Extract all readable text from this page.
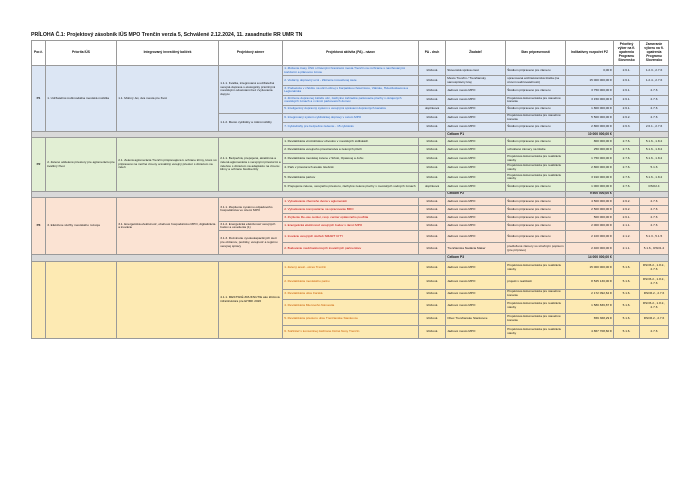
PRÍLOHA Č.1: Projektový zásobník IÚS MPO Trenčín verzia 5, Schválené 2.12.2024, 11. zasadnutie RR UMR TN
Por.č.	Priorita IÚS	Integrovaný investičný balíček	Projektový zámer	Projektová aktivita (PA) - názov	PA - druh	Žiadateľ	Stav pripravenosti	Indikatívny rozpočet PZ	Prioritný výber na fi. opatrenia Programu Slovensko	Zameranie výberu na fi. opatrenia Programu Slovensko
P1	1. Udržateľná multimodálna mestská mobilita	1.1. Mobný Jet, dva mesta pre život	1.1.1. Kvalita, integrovaná a udržateľná verejná doprava s ekologicky prioritnými mestskými odvetviami bez zvyšovania dopytu	1. Zlúčenie trasy ÚSU s hlavnými hranicami mesta Trenčín na rozhranie s navrhovanými koridormi a plánovou zónou	kľúčová	Slovenská správa ciest	Štúdium pripravené pre zámeru	0,00 €	2.6.1.	1.2.3., 2.7.6
				2. Vodárny dopravný uzol - Zlúčenie inovatívnej siete	kľúčová	Mesto Trenčín / Trenčiansky samosprávny kraj	spracovaná architektonická štúdia (na úrovni realizovateľnosti)	15 000 000,00 €	2.6.1.	1.2.4., 2.7.6
				3. Podsekcia v chôdze na ulici Lúčnej s Karpatskou železnicou, Vlárske, Hviezdoslavova a Legionárska	kľúčová	Jadrové mesto MPO	Štúdium pripravené pre zámeru	3 750 000,00 €	2.6.1.	2.7.6
				4. Zníženie dopravnej záťaže ulíc, záchytné zahradné parkovacie plochy v okrajových mestských zónach a v rámci parkovacích domov	kľúčová	Jadrové mesto MPO	Projektová dokumentácia pre stavebné konanie	3 150 000,00 €	2.6.1.	2.7.6
				5. Inteligentný dopravný systém s verejnými správami dopravných kanálov	doplnková	Jadrové mesto MPO	Štúdium pripravené pre zámeru	1 800 000,00 €	2.6.1.	2.7.6
			1.1.2. Mesto cyklistiky a mikromobility	6. Integrovaný systém cyklistickej dopravy v celom MPO	kľúčová	Jadrové mesto MPO	Projektová dokumentácia pre stavebné konanie	5 500 000,00 €	2.6.2.	2.7.6
				7. Cyklodráhy pre bezpečné riešenie - 15 cyklotrás	kľúčová	Jadrové mesto MPO	Štúdium pripravené pre zámeru	2 800 000,00 €	2.6.3.	2.6.1., 2.7.6
						Celkom P1		10 000 000,00 €		
P2	2. Zelené oddelené priestory pre aglomeráciu pre kvalitný život	2.1. Zelená aglomerácia Trenčín prispievajúca k ochrane klímy, ktoré sú pripravené na možné zmeny a kvalitný verejný priestor s dôrazom na zeleň	2.1.1. Bezpečná, prepojená, atraktívna a zelená aglomerácia s verejnými priestormi a zeleňou s dôrazom na adaptáciu na zmenu klímy a ochranu biodiverzity	1. Revitalizácia vnútroblokov obvodov v mestských sídliskách	kľúčová	Jadrové mesto MPO	Štúdium pripravené pre zámeru	800 000,00 €	2.7.6.	5.1.6., 1.8.2
				2. Revitalizácia verejného priestranstva a zelených plôch	kľúčová	Jadrové mesto MPO	schválené zámery na štúdie	250 000,00 €	2.7.6.	5.1.6., 1.8.2
				3. Revitalizácia mestskej zelene v Sihoti, Opatovej a Juhu	kľúčová	Jadrové mesto MPO	Projektová dokumentácia pre realizáciu stavby	1 750 000,00 €	2.7.6.	5.1.6., 1.8.2
				4. Park v priestoroch areálu Istebník	kľúčová	Jadrové mesto MPO	Projektová dokumentácia pre realizáciu stavby	2 800 000,00 €	2.7.6.	5.1.6
				5. Revitalizácia parkov	kľúčová	Jadrové mesto MPO	Projektová dokumentácia pre realizáciu stavby	3 910 000,00 €	2.7.6.	5.1.6., 1.8.2
				6. Prepojenie zelene, verejného priestoru, záchytné zelené plochy v mestských vodných zónach	doplnková	Jadrové mesto MPO	Štúdium pripravené pre zámeru	1 000 000,00 €	2.7.6.	RSO2.4
						Celkom P2		9 500 000,00 €		
P3	3. Efektívne služby mestského rozvoja	3.1. Energetická efektívnosť, obehové hospodárstvo MPO, digitalizácia a inovácie	3.1.1. Zlepšenie systému odpadového hospodárstva vo území MPO	1. Vybudovanie zberného dvora v aglomerácii	kľúčová	Jadrové mesto MPO	Štúdium pripravené pre zámeru	4 500 000,00 €	2.6.2.	2.7.6
				2. Vybudovanie kompostárne na spracovanie BRO	kľúčová	Jadrové mesto MPO	Štúdium pripravené pre zámeru	2 500 000,00 €	2.6.2.	2.7.6
				3. Zvýšenie Re-use centier, resp. centier opätovného použitia	kľúčová	Jadrové mesto MPO	Štúdium pripravené pre zámeru	500 000,00 €	2.6.1.	2.7.6
			3.1.2. Energetická efektívnosť verejných budov a osvetlenia (1)	1. Energetická efektívnosť verejných budov v rámci MPO	kľúčová	Jadrové mesto MPO	Štúdium pripravené pre zámeru	2 000 000,00 €	2.1.1.	2.7.6
			3.1.3. Rozvinutie vysokokapacitných sietí pre občanov, podniky, verejnosť a regiónu verejnej správy	1. Inovácie verejných služieb SMART CITY	kľúčová	Jadrové mesto MPO	Štúdium pripravené pre zámeru	2 100 000,00 €	2.1.2.	5.1.3., 5.1.5
				2. Budovanie medzisektorových inovačných partnerstiev	kľúčová	Trenčianska Nadácia Maker	predložené zámery so stručným popisom (pre prípravu)	2 400 000,00 €	2.1.1.	5.1.6., RSO1.2
						Celkom P3		14 000 000,00 €		
			4.1.1. MESTSKÉ ZRUKNUTIE ako kľúčová infraštruktúra pre EHMK 2026	1. Zelený areál - okres Trenčín	kľúčová	Jadrové mesto MPO	Projektová dokumentácia pre realizáciu stavby	15 000 000,00 €	5.1.6.	RSO6.2., 1.8.2., 2.7.6
				2. Revitalizácia mestského parku	kľúčová	Jadrové mesto MPO	projekt v realizácii	8 525 130,00 €	5.1.6.	RSO6.2., 1.8.2., 2.7.6
				3. Revitalizácia ulice Farská	kľúčová	Jadrové mesto MPO	Projektová dokumentácia pre stavebné konanie	2 172 092,62 €	5.1.6.	RSO6.2., 2.7.6
				4. Revitalizácia Mierového Námestia	kľúčová	Jadrové mesto MPO	Projektová dokumentácia pre realizáciu stavby	1 580 836,87 €	5.1.6.	RSO6.2., 1.8.2., 2.7.6
				5. Revitalizácia priestoru ulice Trenčianske Stankovce	kľúčová	Obec Trenčianske Stankovce	Projektová dokumentácia pre stavebné konanie	659 368,29 €	5.1.6.	RSO6.2., 2.7.6
				6. Súčiniteľ v komunitnej záchrane Dolné Nosy Trenčín	kľúčová	Jadrové mesto MPO	Projektová dokumentácia pre realizáciu stavby	4 867 708,60 €	5.1.6.	2.7.6
